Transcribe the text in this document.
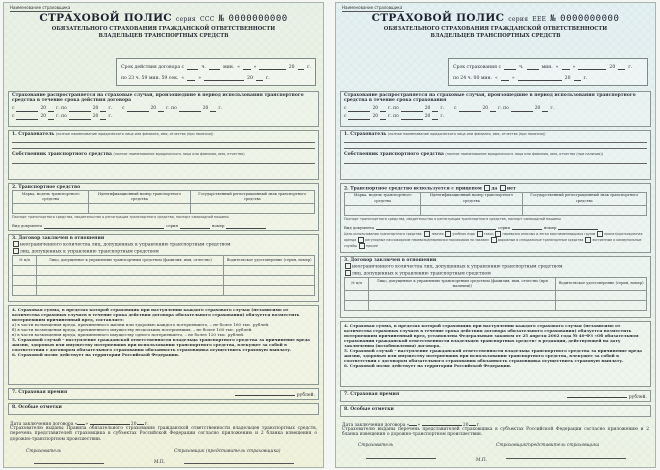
Наименование страховщика
СТРАХОВОЙ ПОЛИС серия ССС № 0000000000
ОБЯЗАТЕЛЬНОГО СТРАХОВАНИЯ ГРАЖДАНСКОЙ ОТВЕТСТВЕННОСТИ ВЛАДЕЛЬЦЕВ ТРАНСПОРТНЫХ СРЕДСТВ
Срок действия договора с	ч.	мин. «	»	20	г.
по 23 ч. 59 мин. 59 сек. «	»	20	г.
Страхование распространяется на страховые случаи, произошедшие в период использования транспортного средства в течение срока действия договора
с	20 г. по	20 г. с	20 г. по	20 г.
с	20 г. по	20 г.
1. Страхователь (полное наименование юридического лица или фамилия, имя, отчество (при наличии))
Собственник транспортного средства (полное наименование юридического лица или фамилия, имя, отчество)
2. Транспортное средство
Марка, модель транспортного средства	Идентификационный номер транспортного средства	Государственный регистрационный знак транспортного средства

Паспорт транспортного средства, свидетельство о регистрации транспортного средства, паспорт самоходной машины
Вид документа	серия	номер
3. Договор заключен в отношении
неограниченного количества лиц, допущенных к управлению транспортным средством
лиц, допущенных к управлению транспортным средством
№ п/п	Лицо, допущенное к управлению транспортным средством (фамилия, имя, отчество)	Водительское удостоверение (серия, номер)

4. Страховая сумма, в пределах которой страховщик при наступлении каждого страхового случая (независимо от количества страховых случаев в течение срока действия договора обязательного страхования) обязуется возместить потерпевшим причиненный вред, составляет:
а) в части возмещения вреда, причиненного жизни или здоровью каждого потерпевшего, – не более 160 тыс. рублей.
б) в части возмещения вреда, причиненного имуществу нескольких потерпевших, – не более 160 тыс. рублей.
в) в части возмещения вреда, причиненного имуществу одного потерпевшего, – не более 120 тыс. рублей.
5. Страховой случай – наступление гражданской ответственности владельца транспортного средства за причинение вреда жизни, здоровью или имуществу потерпевших при использовании транспортного средства, влекущее за собой в соответствии с договором обязательного страхования обязанность страховщика осуществить страховую выплату.
6. Страховой полис действует на территории Российской Федерации.
7. Страховая премия
рублей.
8. Особые отметки
Дата заключения договора « »	20 г.
Страхователю выданы Правила обязательного страхования гражданской ответственности владельцев транспортных средств, перечень представителей страховщика в субъектах Российской Федерации согласно приложению и 2 бланка извещения о дорожно-транспортном происшествии.
Страхователь	Страховщик (представитель страховщика)
М.П.
Наименование страховщика
СТРАХОВОЙ ПОЛИС серия ЕЕЕ № 0000000000
ОБЯЗАТЕЛЬНОГО СТРАХОВАНИЯ ГРАЖДАНСКОЙ ОТВЕТСТВЕННОСТИ ВЛАДЕЛЬЦЕВ ТРАНСПОРТНЫХ СРЕДСТВ
Срок страхования с	ч.	мин. «	»	20	г.
по 24 ч. 00 мин. «	»	20	г.
Страхование распространяется на страховые случаи, произошедшие в период использования транспортного средства в течение срока страхования
с	20 г. по	20 г. с	20 г. по	20 г.
с	20 г. по	20 г.
1. Страхователь (полное наименование юридического лица или фамилия, имя, отчество (при наличии))
Собственник транспортного средства (полное наименование юридического лица или фамилия, имя, отчество (при наличии))
2. Транспортное средство используется с прицепом да нет
Марка, модель транспортного средства	Идентификационный номер транспортного средства	Государственный регистрационный знак транспортного средства

Паспорт транспортного средства, свидетельство о регистрации транспортного средства, паспорт самоходной машины
Вид документа	серия	номер
Цель использования транспортного средства:	личная	учебная езда	такси	перевозка опасных и легко воспламеняющихся грузов	прокат/краткосрочная аренда	регулярные пассажирские перевозки/перевозки пассажиров по заказам	дорожные и специальные транспортные средства	экстренные и коммунальные службы	прочее
3. Договор заключен в отношении
неограниченного количества лиц, допущенных к управлению транспортным средством
лиц, допущенных к управлению транспортным средством
№ п/п	Лицо, допущенное к управлению транспортным средством (фамилия, имя, отчество (при наличии))	Водительское удостоверение (серия, номер)

4. Страховая сумма, в пределах которой страховщик при наступлении каждого страхового случая (независимо от количества страховых случаев в течение срока действия договора обязательного страхования) обязуется возместить потерпевшим причиненный вред, установлена Федеральным законом от 25 апреля 2002 года № 40-ФЗ «Об обязательном страховании гражданской ответственности владельцев транспортных средств» в редакции, действующей на дату заключения (возобновления) договора.
5. Страховой случай – наступление гражданской ответственности владельца транспортного средства за причинение вреда жизни, здоровью или имуществу потерпевших при использовании транспортного средства, влекущее за собой в соответствии с договором обязательного страхования обязанность страховщика осуществить страховую выплату.
6. Страховой полис действует на территории Российской Федерации.
7. Страховая премия
рублей.
8. Особые отметки
Дата заключения договора « »	20 г.
Страхователю выданы перечень представителей страховщика в субъектах Российской Федерации согласно приложению и 2 бланка извещения о дорожно-транспортном происшествии.
Страхователь	Страховщик/представитель страховщика
М.П.
